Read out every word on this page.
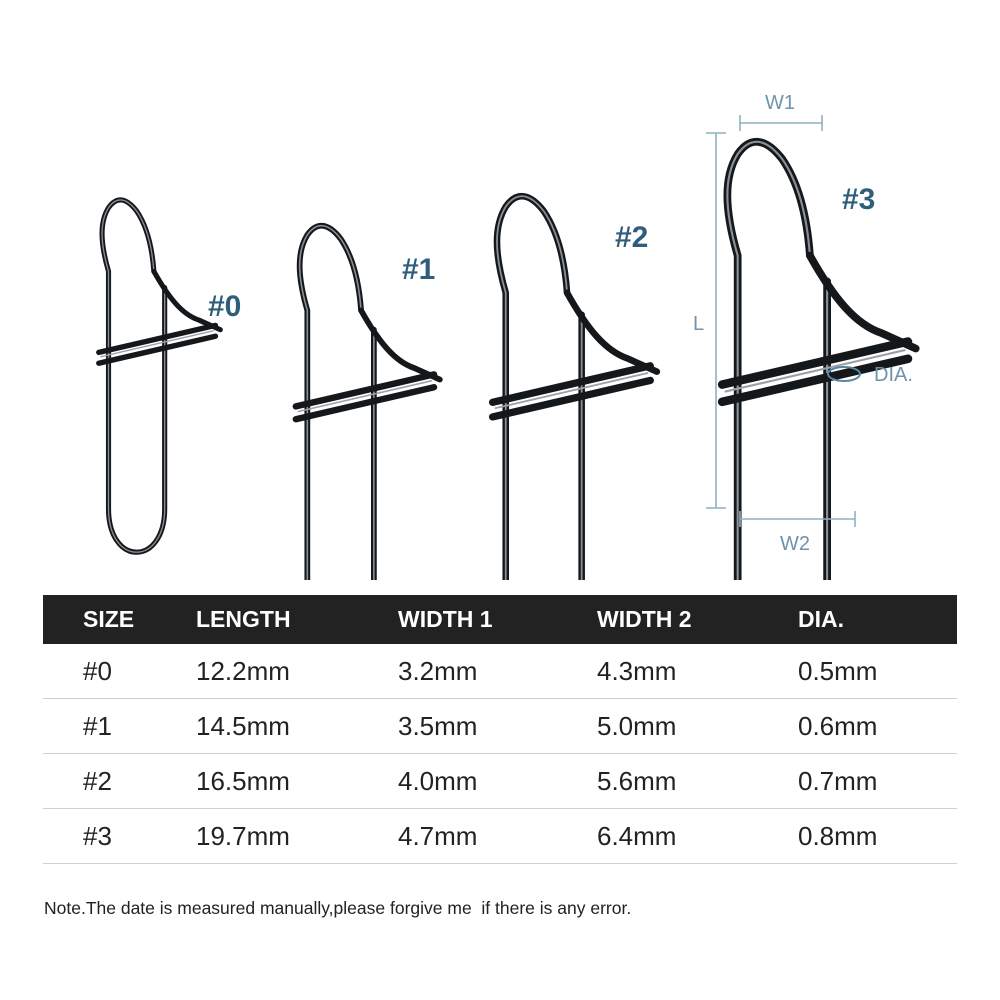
#0
#1
#2
#3
W1
L
W2
DIA.
SIZE	LENGTH	WIDTH 1	WIDTH 2	DIA.
#0	12.2mm	3.2mm	4.3mm	0.5mm
#1	14.5mm	3.5mm	5.0mm	0.6mm
#2	16.5mm	4.0mm	5.6mm	0.7mm
#3	19.7mm	4.7mm	6.4mm	0.8mm
Note.The date is measured manually,please forgive me  if there is any error.
